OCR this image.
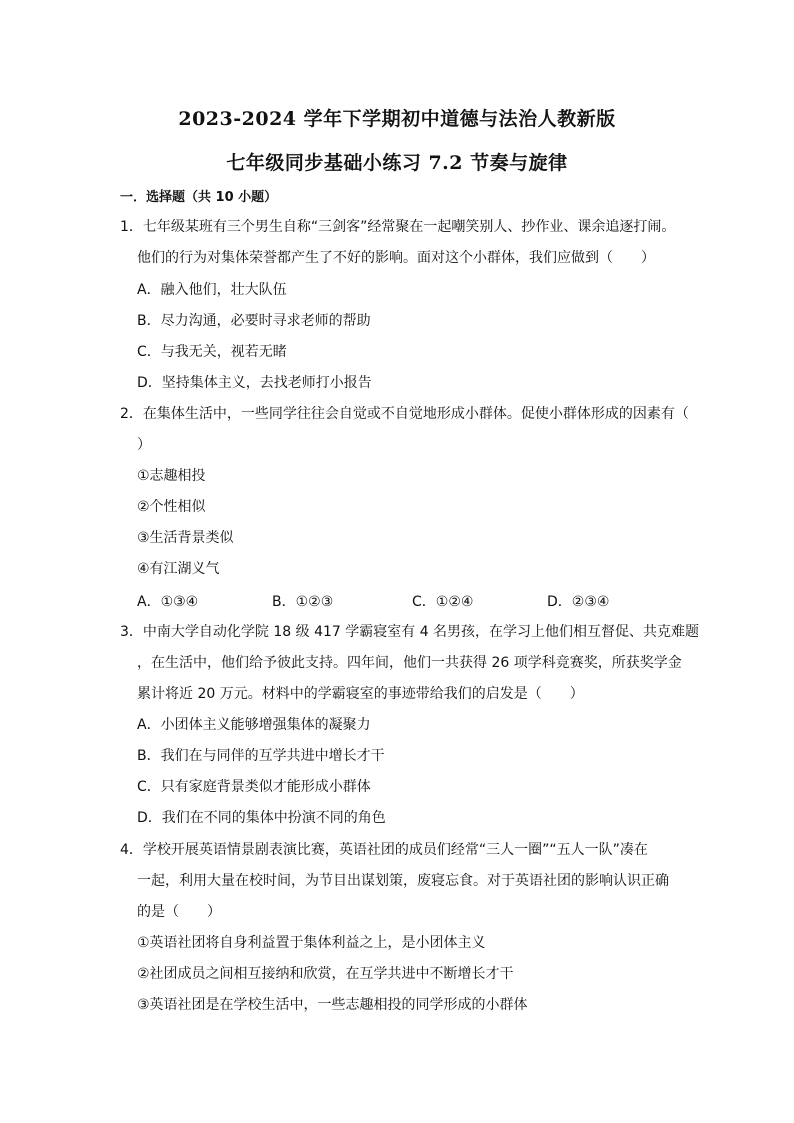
2023-2024 学年下学期初中道德与法治人教新版
七年级同步基础小练习 7.2 节奏与旋律
一．选择题（共 10 小题）
1．七年级某班有三个男生自称“三剑客”经常聚在一起嘲笑别人、抄作业、课余追逐打闹。
他们的行为对集体荣誉都产生了不好的影响。面对这个小群体，我们应做到（　　）
A．融入他们，壮大队伍
B．尽力沟通，必要时寻求老师的帮助
C．与我无关，视若无睹
D．坚持集体主义，去找老师打小报告
2．在集体生活中，一些同学往往会自觉或不自觉地形成小群体。促使小群体形成的因素有（
）
①志趣相投
②个性相似
③生活背景类似
④有江湖义气
A．①③④	B．①②③	C．①②④	D．②③④
3．中南大学自动化学院 18 级 417 学霸寝室有 4 名男孩，在学习上他们相互督促、共克难题
，在生活中，他们给予彼此支持。四年间，他们一共获得 26 项学科竞赛奖，所获奖学金
累计将近 20 万元。材料中的学霸寝室的事迹带给我们的启发是（　　）
A．小团体主义能够增强集体的凝聚力
B．我们在与同伴的互学共进中增长才干
C．只有家庭背景类似才能形成小群体
D．我们在不同的集体中扮演不同的角色
4．学校开展英语情景剧表演比赛，英语社团的成员们经常“三人一圈”“五人一队”凑在
一起，利用大量在校时间，为节目出谋划策，废寝忘食。对于英语社团的影响认识正确
的是（　　）
①英语社团将自身利益置于集体利益之上，是小团体主义
②社团成员之间相互接纳和欣赏，在互学共进中不断增长才干
③英语社团是在学校生活中，一些志趣相投的同学形成的小群体
